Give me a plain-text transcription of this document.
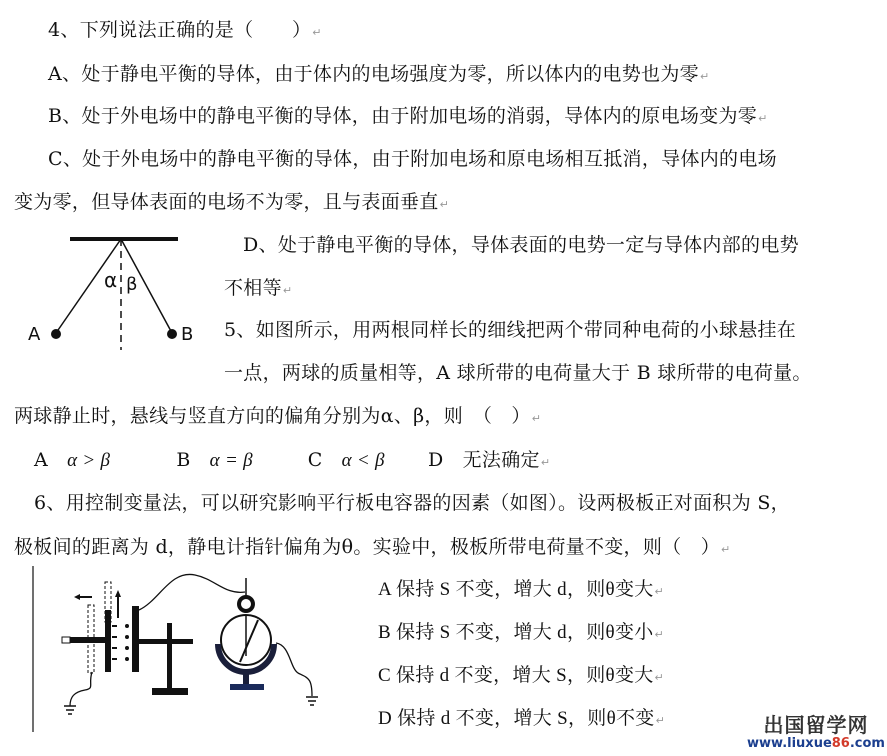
4、下列说法正确的是（　　）↵
A、处于静电平衡的导体，由于体内的电场强度为零，所以体内的电势也为零↵
B、处于外电场中的静电平衡的导体，由于附加电场的消弱，导体内的原电场变为零↵
C、处于外电场中的静电平衡的导体，由于附加电场和原电场相互抵消，导体内的电场
变为零，但导体表面的电场不为零，且与表面垂直↵
α β
A	B
D、处于静电平衡的导体，导体表面的电势一定与导体内部的电势
不相等↵
5、如图所示，用两根同样长的细线把两个带同种电荷的小球悬挂在
一点，两球的质量相等，A 球所带的电荷量大于 B 球所带的电荷量。
两球静止时，悬线与竖直方向的偏角分别为α、β，则　（　）↵
A α > β	B α = β	C α < β D 无法确定↵
6、用控制变量法，可以研究影响平行板电容器的因素（如图）。设两极板正对面积为 S，
极板间的距离为 d，静电计指针偏角为θ。实验中，极板所带电荷量不变，则（　）↵
A 保持 S 不变，增大 d，则θ变大↵
B 保持 S 不变，增大 d，则θ变小↵
C 保持 d 不变，增大 S，则θ变大↵
D 保持 d 不变，增大 S，则θ不变↵	出国留学网
www.liuxue86.com
